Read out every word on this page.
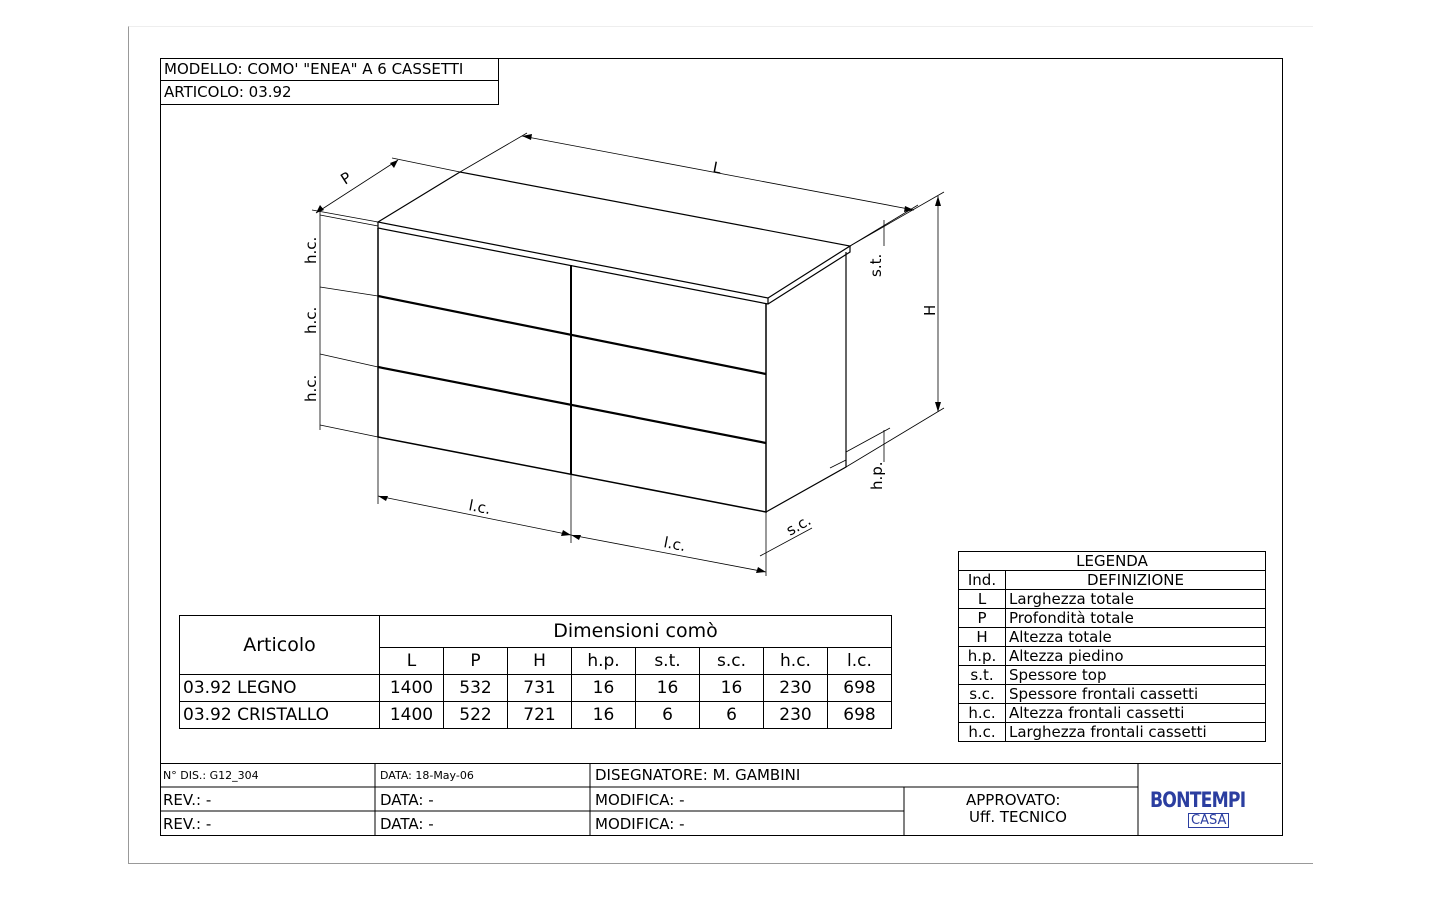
MODELLO: COMO' "ENEA" A 6 CASSETTI
ARTICOLO: 03.92
L
P
H
s.t.
h.p.
s.c.
h.c.
h.c.
h.c.
l.c.
l.c.
Articolo	Dimensioni comò							
	L	P	H	h.p.	s.t.	s.c.	h.c.	l.c.
03.92 LEGNO	1400	532	731	16	16	16	230	698
03.92 CRISTALLO	1400	522	721	16	6	6	230	698
LEGENDA	
Ind.	DEFINIZIONE
L	Larghezza totale
P	Profondità totale
H	Altezza totale
h.p.	Altezza piedino
s.t.	Spessore top
s.c.	Spessore frontali cassetti
h.c.	Altezza frontali cassetti
h.c.	Larghezza frontali cassetti
N° DIS.: G12_304	DATA: 18-May-06	DISEGNATORE: M. GAMBINI
REV.: -	DATA: -	MODIFICA: -
REV.: -	DATA: -	MODIFICA: -
APPROVATO:
Uff. TECNICO
BONTEMPI
CASA
